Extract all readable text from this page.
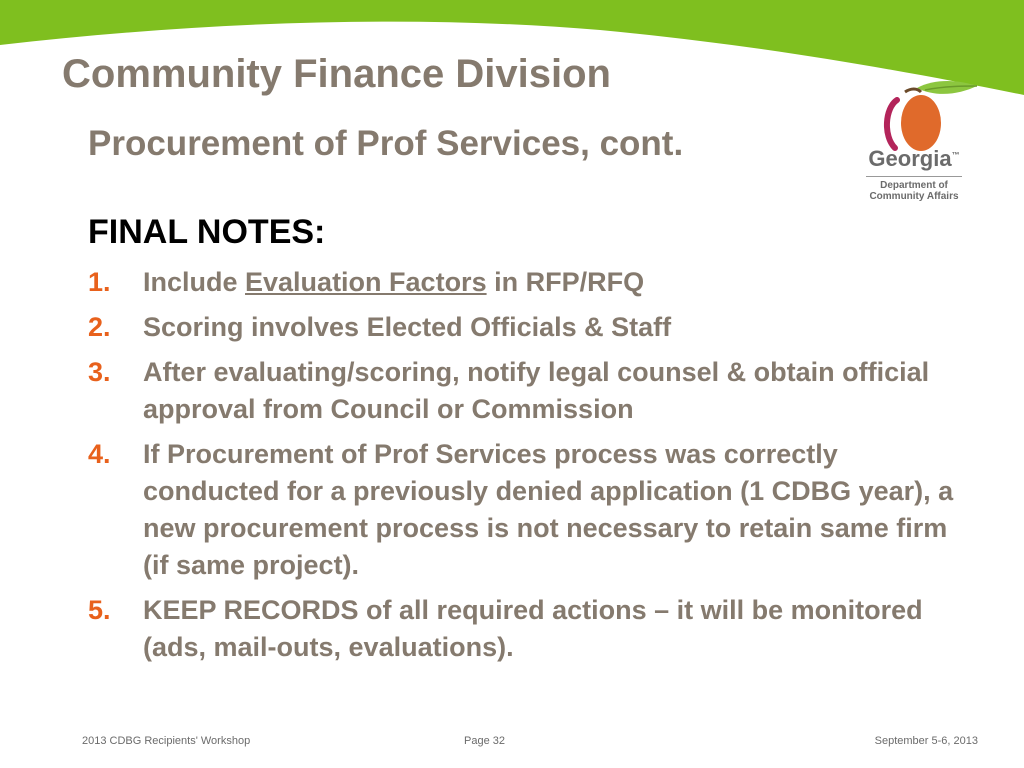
Community Finance Division
Procurement of Prof Services, cont.	Georgia™
Department of
Community Affairs
FINAL NOTES:
1. Include Evaluation Factors in RFP/RFQ
2. Scoring involves Elected Officials & Staff
3. After evaluating/scoring, notify legal counsel & obtain official approval from Council or Commission
4. If Procurement of Prof Services process was correctly conducted for a previously denied application (1 CDBG year), a new procurement process is not necessary to retain same firm (if same project).
5. KEEP RECORDS of all required actions – it will be monitored (ads, mail-outs, evaluations).
2013 CDBG Recipients' Workshop	Page 32	September 5-6, 2013
